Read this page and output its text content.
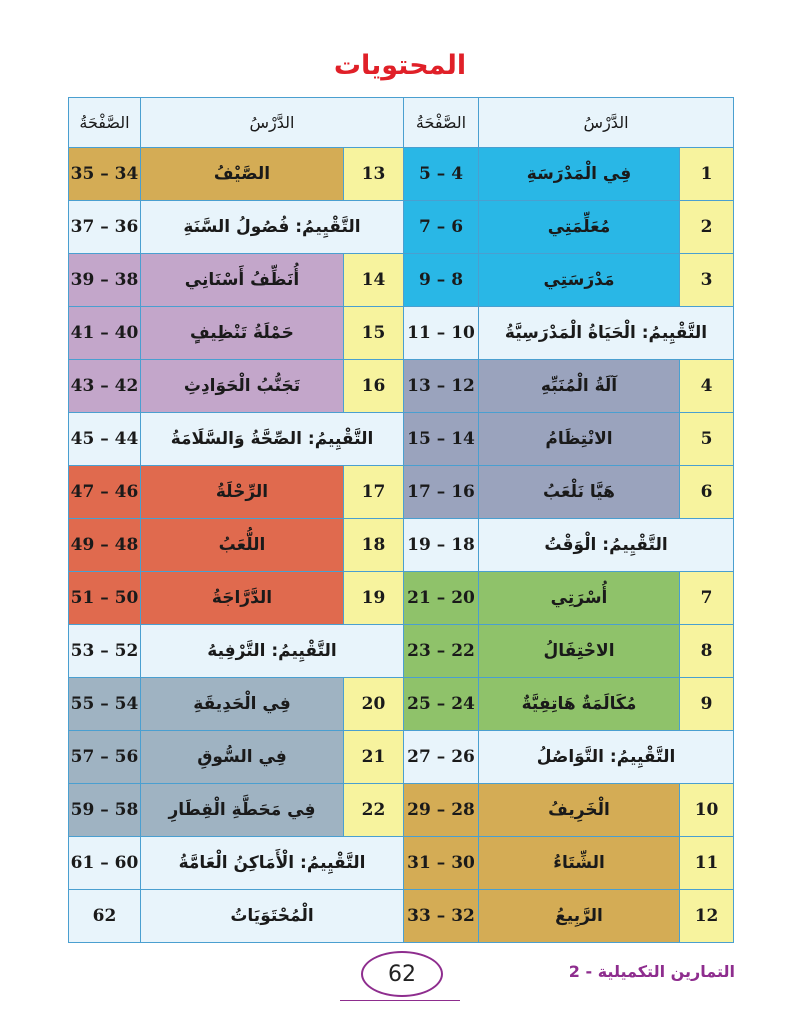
المحتويات
الصَّفْحَةُ	الدَّرْسُ		الصَّفْحَةُ	الدَّرْسُ	
34 – 35	الصَّيْفُ	13	4 – 5	فِي الْمَدْرَسَةِ	1
36 – 37	التَّقْيِيمُ: فُصُولُ السَّنَةِ		6 – 7	مُعَلِّمَتِي	2
38 – 39	أُنَظِّفُ أَسْنَانِي	14	8 – 9	مَدْرَسَتِي	3
40 – 41	حَمْلَةُ تَنْظِيفٍ	15	10 – 11	التَّقْيِيمُ: الْحَيَاةُ الْمَدْرَسِيَّةُ	
42 – 43	تَجَنُّبُ الْحَوَادِثِ	16	12 – 13	آلَةُ الْمُنَبِّهِ	4
44 – 45	التَّقْيِيمُ: الصِّحَّةُ وَالسَّلَامَةُ		14 – 15	الانْتِظَامُ	5
46 – 47	الرِّحْلَةُ	17	16 – 17	هَيَّا نَلْعَبُ	6
48 – 49	اللُّعَبُ	18	18 – 19	التَّقْيِيمُ: الْوَقْتُ	
50 – 51	الدَّرَّاجَةُ	19	20 – 21	أُسْرَتِي	7
52 – 53	التَّقْيِيمُ: التَّرْفِيهُ		22 – 23	الاحْتِفَالُ	8
54 – 55	فِي الْحَدِيقَةِ	20	24 – 25	مُكَالَمَةٌ هَاتِفِيَّةٌ	9
56 – 57	فِي السُّوقِ	21	26 – 27	التَّقْيِيمُ: التَّوَاصُلُ	
58 – 59	فِي مَحَطَّةِ الْقِطَارِ	22	28 – 29	الْخَرِيفُ	10
60 – 61	التَّقْيِيمُ: الْأَمَاكِنُ الْعَامَّةُ		30 – 31	الشِّتَاءُ	11
62	الْمُحْتَوَيَاتُ		32 – 33	الرَّبِيعُ	12
62	التمارين التكميلية - 2
